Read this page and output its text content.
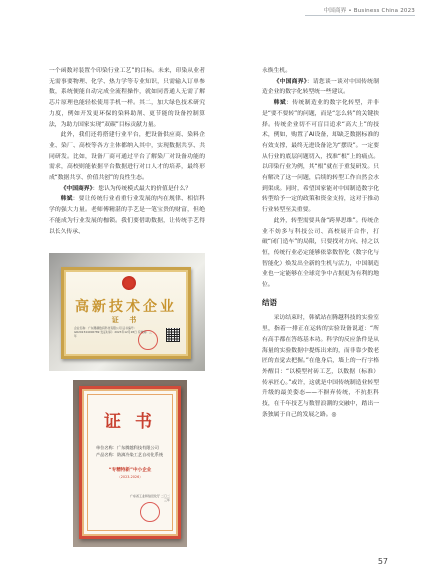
中国商界 • Business China 2023

一个函数对装置个印染行业工艺”的目标。未来，印染从业者无需事要物理、化学、热力学等专业知识，只需输入订单参数，系统便能自动完成全流程操作，就如同普通人无需了解芯片原理也能轻松使用手机一样。其二，加大绿色技术研究力度，例如开发更环保的染料助剂、更节能的设备控制算法，为助力国家实现“双碳”目标贡献力量。

此外，我们还将搭建行业平台，把设备供应商、染料企业、染厂、高校等各方主体都纳入其中，实现数据共享、共同研发。比如，设备厂商可通过平台了解染厂对设备功能的需求，高校则能依据平台数据进行对口人才的培养，最终形成“数据共享、价值共创”的良性生态。

《中国商界》：您认为传统模式最大的价值是什么？

韩斌：要让传统行业看重行业发展的内在规律、相信科学的强大力量。老师傅精湛的手艺是一笔宝贵的财富，但绝不能成为行业发展的枷锁。我们要借助数据，让传统手艺得以长久传承、

高新技术企业
证 书
企业名称：广东腾越数码科技有限公司 证书编号：GR202344006789 发证时间：2023年12月28日 有效期：三年
证 书
单位名称：广东腾越科技有限公司
产品名称：防滴冷染工艺自动化系统
“专精特新”中小企业
（2023-2026）
广东省工业和信息化厅 二〇二三年

永焕生机。

《中国商界》：请您谈一谈对中国传统制造企业的数字化转型统一些建议。

韩斌：传统制造业的数字化转型，并非是“要不要转”的问题，而是“怎么转”的关键抉择。传统企业切不可盲目追求“高大上”的技术，例如，购置了AI设备，却缺乏数据标准的有效支撑，最终无进设备沦为“摆设”。一定要从行业的底层问题切入，找准“根”上的痛点。以印染行业为例，其“根”就在于重复研发。只有解决了这一问题，后续的转型工作自然会水到渠成。同时，希望国家能对中国制造数字化转型给予一定的政策和资金支持，这对于推动行业转型至关重要。

此外，转型需要具备“跨界思维”。传统企业不妨多与科技公司、高校展开合作，打破“闭门造车”的局限，只要找对方向、持之以恒，传统行业必定能够依靠数智化（数字化与智能化）焕发出全新的生机与活力，中国制造业也一定能够在全球竞争中占据更为有利的地位。

结语

采访结束时，韩斌站在腾越科技的实验室里，指着一排正在运转的实验设备说道：“所有高手都在答练基本功。科学的反应条件是从海量的实验数据中提炼出来的，而非靠少数老匠的直觉去把握。”在他身后，墙上的一行字格外醒目：“以模型衬砖工艺，以数据（标准）传承匠心。”或许，这就是中国传统制造业转型升级的最美姿态——不摒弃传统，不抗拒科技，在千年技艺与数智浪潮的交融中，踏出一条独属于自己的发展之路。◎

57
